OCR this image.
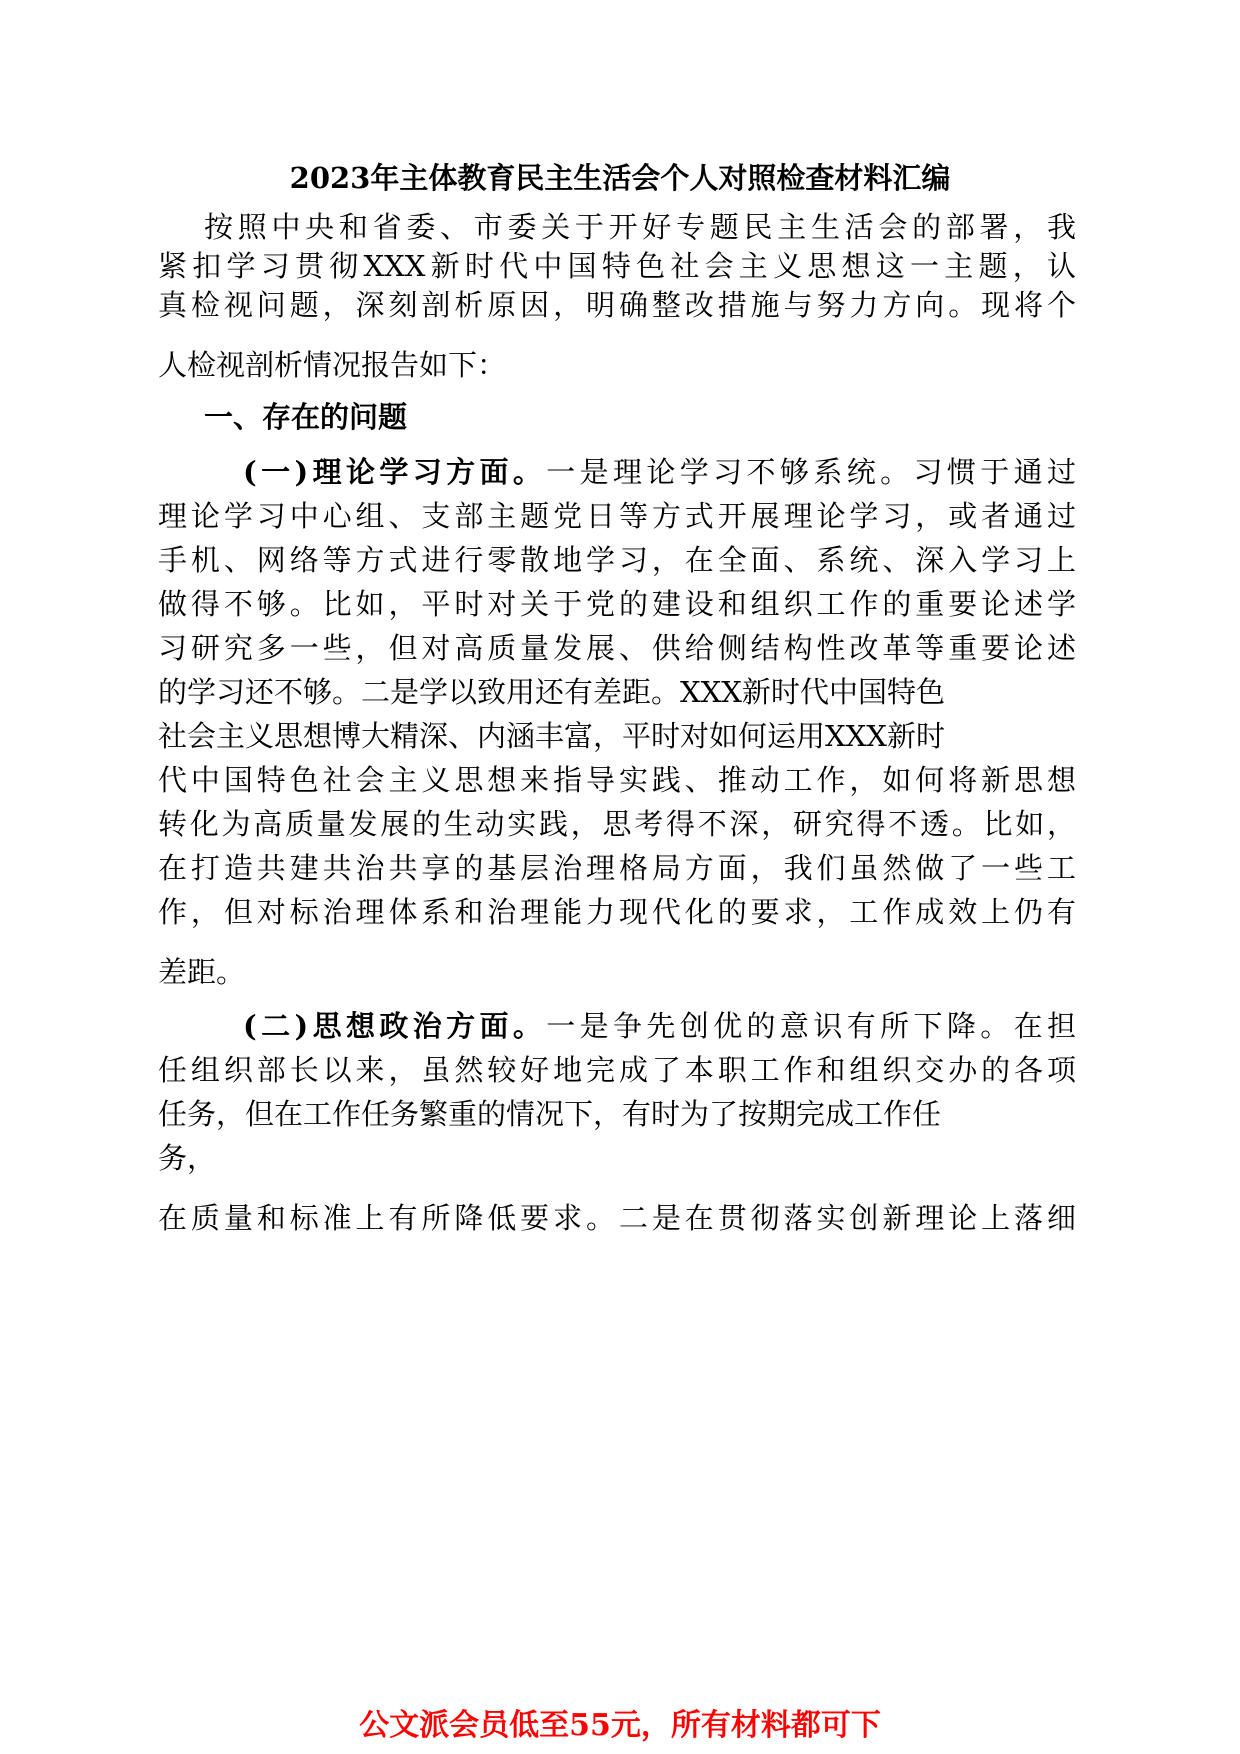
2023年主体教育民主生活会个人对照检查材料汇编
按照中央和省委、市委关于开好专题民主生活会的部署，我
紧扣学习贯彻XXX新时代中国特色社会主义思想这一主题，认
真检视问题，深刻剖析原因，明确整改措施与努力方向。现将个
人检视剖析情况报告如下：
一、存在的问题
(一)理论学习方面。一是理论学习不够系统。习惯于通过
理论学习中心组、支部主题党日等方式开展理论学习，或者通过
手机、网络等方式进行零散地学习，在全面、系统、深入学习上
做得不够。比如，平时对关于党的建设和组织工作的重要论述学
习研究多一些，但对高质量发展、供给侧结构性改革等重要论述
的学习还不够。二是学以致用还有差距。XXX新时代中国特色
社会主义思想博大精深、内涵丰富，平时对如何运用XXX新时
代中国特色社会主义思想来指导实践、推动工作，如何将新思想
转化为高质量发展的生动实践，思考得不深，研究得不透。比如，
在打造共建共治共享的基层治理格局方面，我们虽然做了一些工
作，但对标治理体系和治理能力现代化的要求，工作成效上仍有
差距。
(二)思想政治方面。一是争先创优的意识有所下降。在担
任组织部长以来，虽然较好地完成了本职工作和组织交办的各项
任务，但在工作任务繁重的情况下，有时为了按期完成工作任
务，
在质量和标准上有所降低要求。二是在贯彻落实创新理论上落细
公文派会员低至55元，所有材料都可下
